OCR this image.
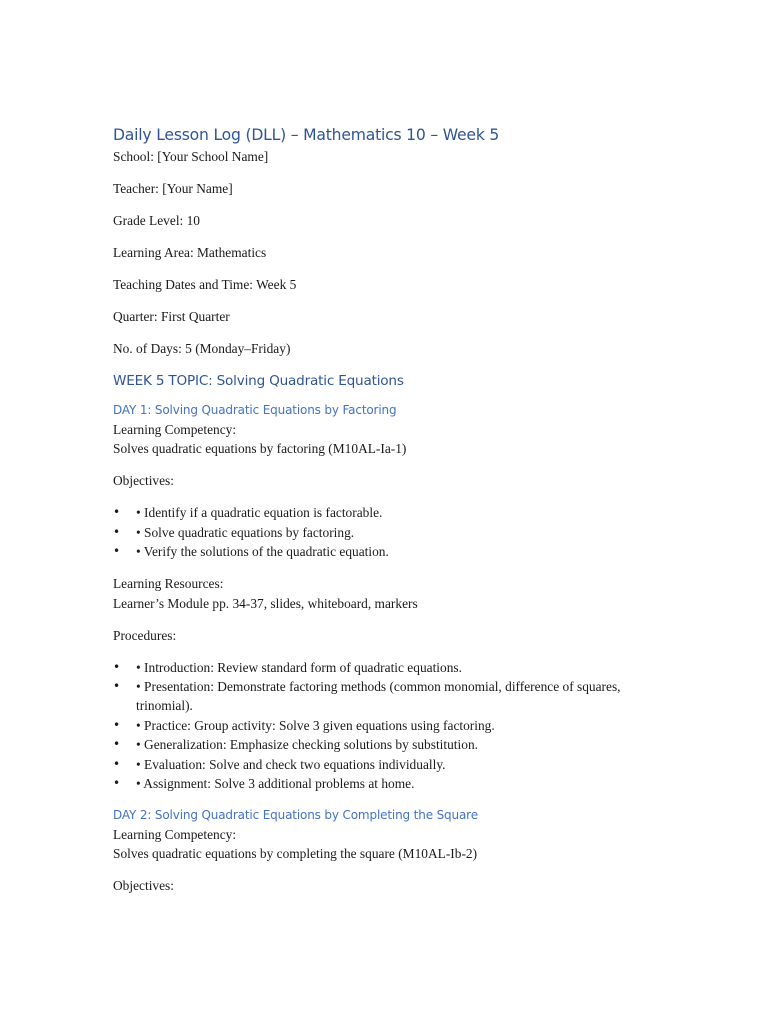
Daily Lesson Log (DLL) – Mathematics 10 – Week 5
School: [Your School Name]
Teacher: [Your Name]
Grade Level: 10
Learning Area: Mathematics
Teaching Dates and Time: Week 5
Quarter: First Quarter
No. of Days: 5 (Monday–Friday)
WEEK 5 TOPIC: Solving Quadratic Equations
DAY 1: Solving Quadratic Equations by Factoring
Learning Competency:
Solves quadratic equations by factoring (M10AL-Ia-1)
Objectives:
• • Identify if a quadratic equation is factorable.
• • Solve quadratic equations by factoring.
• • Verify the solutions of the quadratic equation.
Learning Resources:
Learner’s Module pp. 34-37, slides, whiteboard, markers
Procedures:
• • Introduction: Review standard form of quadratic equations.
• • Presentation: Demonstrate factoring methods (common monomial, difference of squares, trinomial).
• • Practice: Group activity: Solve 3 given equations using factoring.
• • Generalization: Emphasize checking solutions by substitution.
• • Evaluation: Solve and check two equations individually.
• • Assignment: Solve 3 additional problems at home.
DAY 2: Solving Quadratic Equations by Completing the Square
Learning Competency:
Solves quadratic equations by completing the square (M10AL-Ib-2)
Objectives:
